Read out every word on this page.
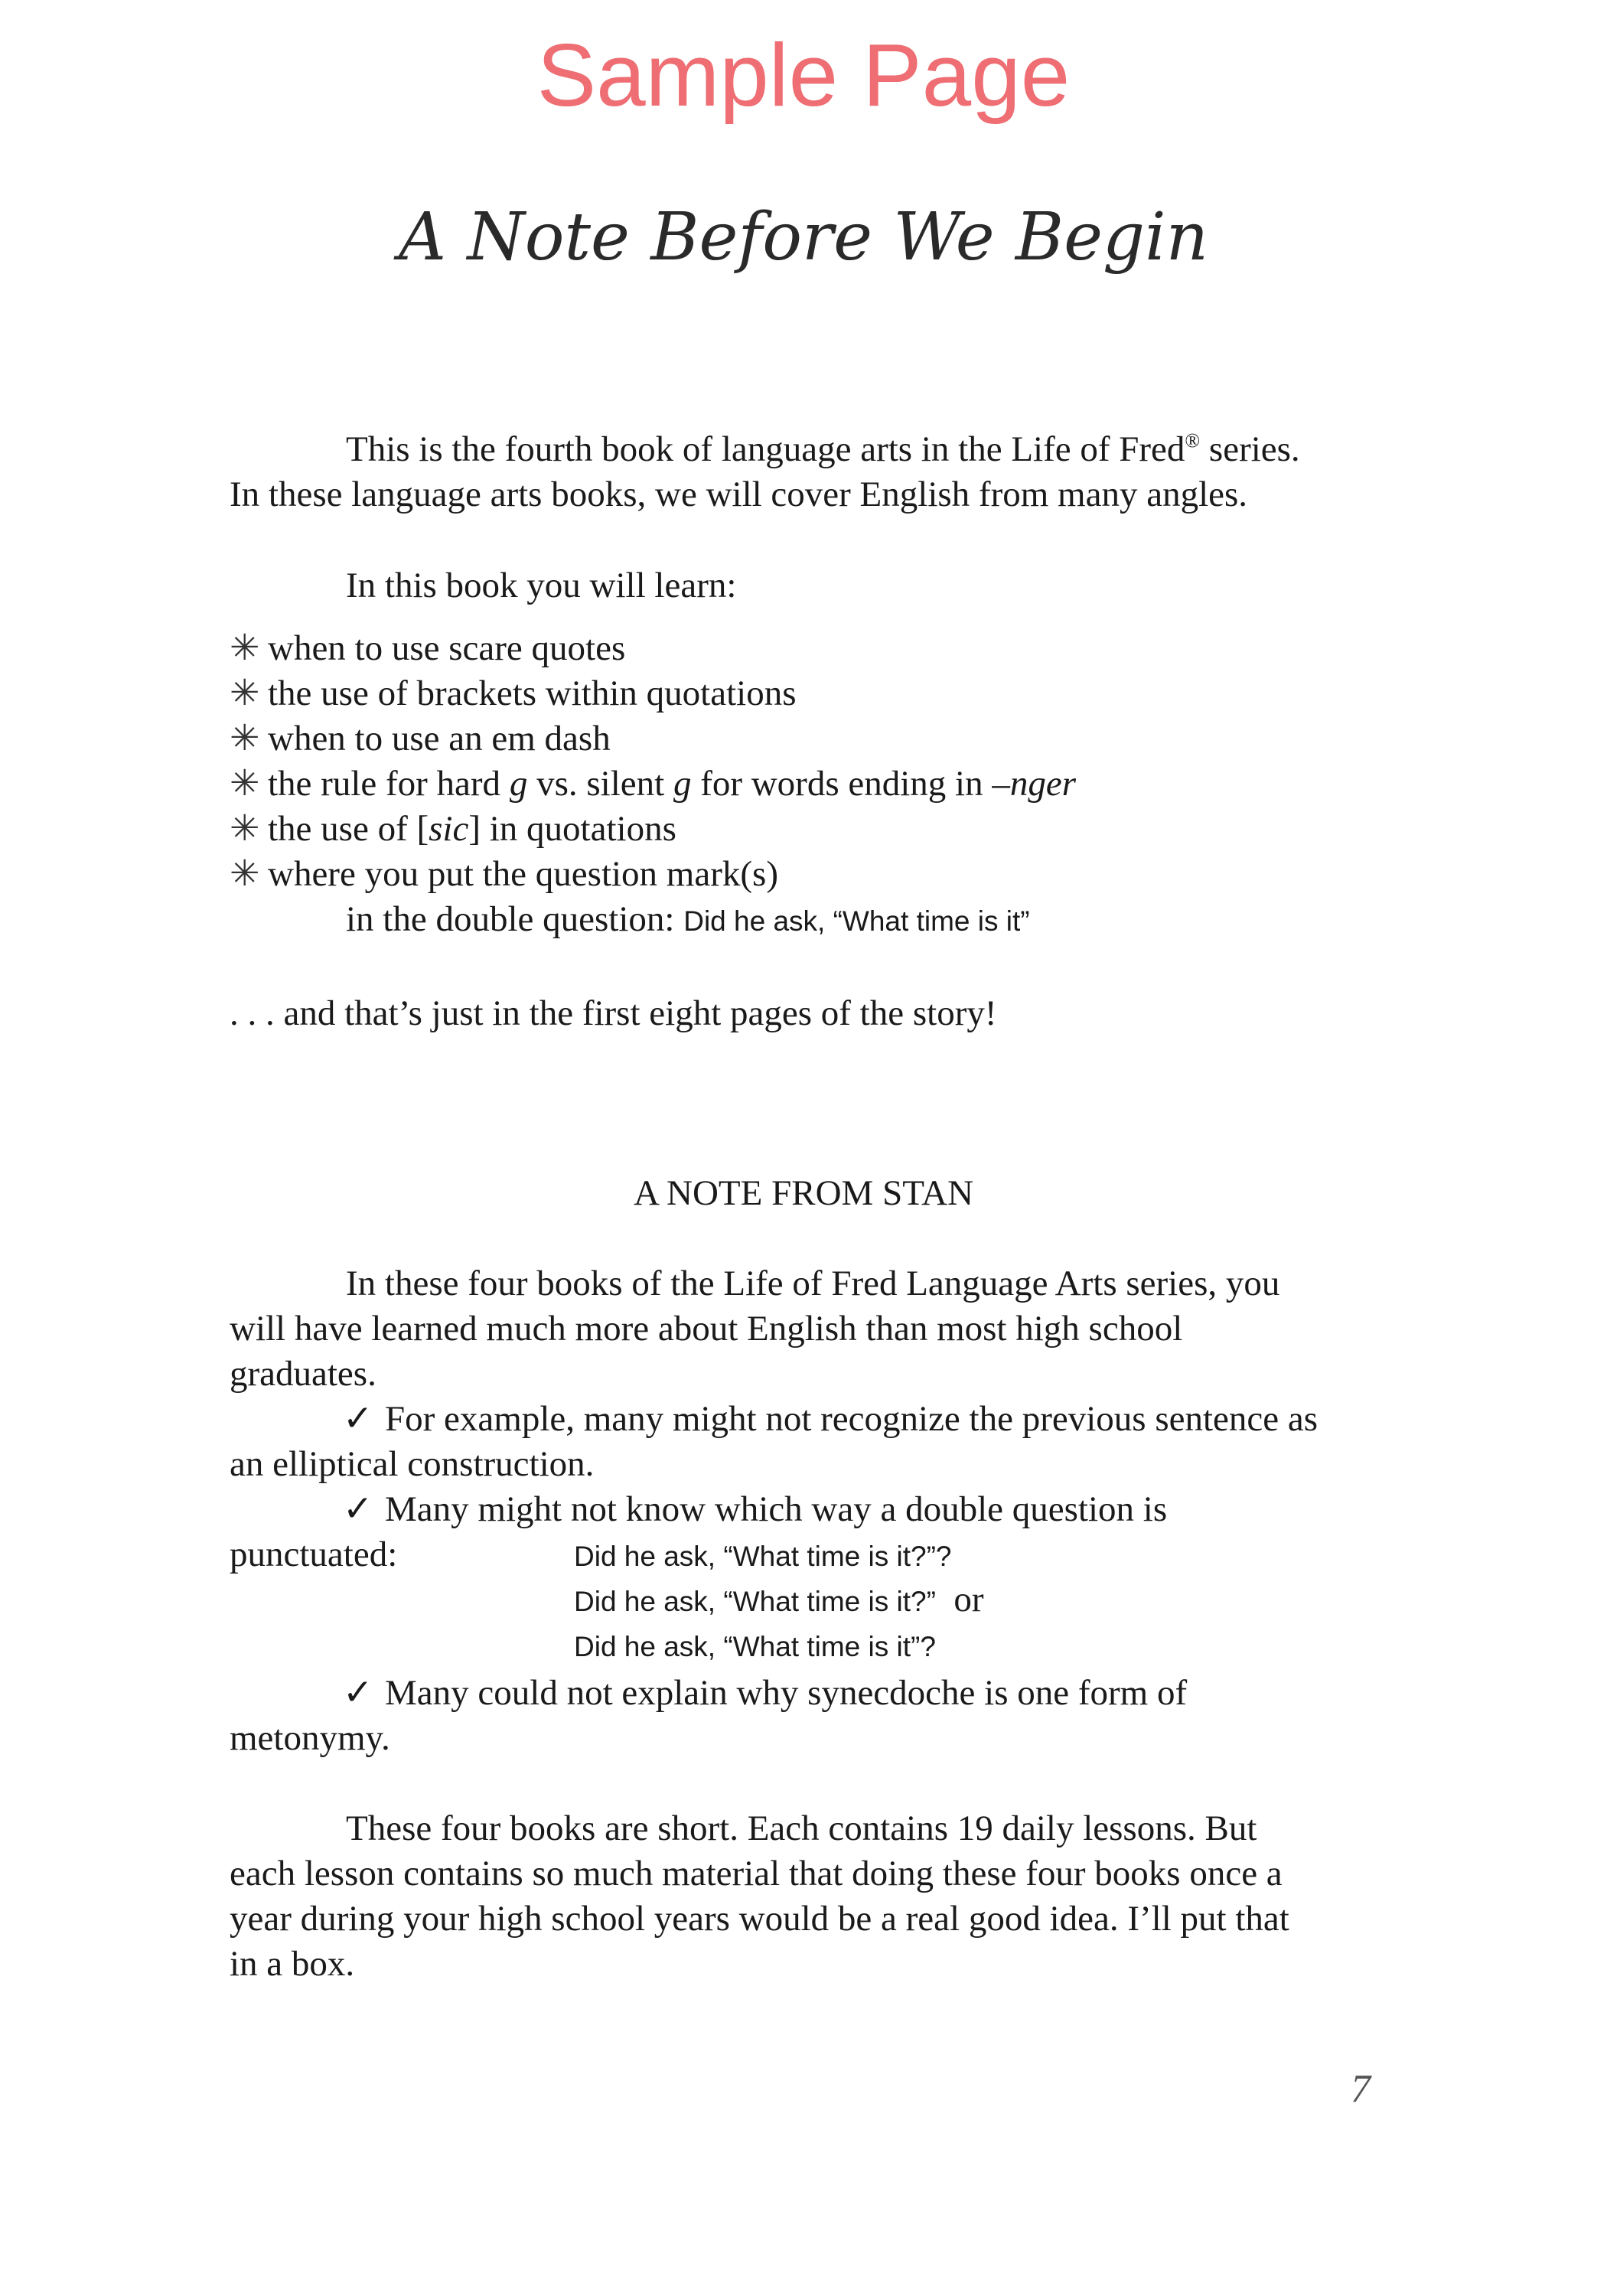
Sample Page
A Note Before We Begin
This is the fourth book of language arts in the Life of Fred® series.
In these language arts books, we will cover English from many angles.
In this book you will learn:
✳ when to use scare quotes
✳ the use of brackets within quotations
✳ when to use an em dash
✳ the rule for hard g vs. silent g for words ending in –nger
✳ the use of [sic] in quotations
✳ where you put the question mark(s)
in the double question: Did he ask, “What time is it”
. . . and that’s just in the first eight pages of the story!
A NOTE FROM STAN
In these four books of the Life of Fred Language Arts series, you
will have learned much more about English than most high school
graduates.
✓ For example, many might not recognize the previous sentence as
an elliptical construction.
✓ Many might not know which way a double question is
punctuated:	Did he ask, “What time is it?”?
Did he ask, “What time is it?” or
Did he ask, “What time is it”?
✓ Many could not explain why synecdoche is one form of
metonymy.
These four books are short. Each contains 19 daily lessons. But
each lesson contains so much material that doing these four books once a
year during your high school years would be a real good idea. I’ll put that
in a box.
7
